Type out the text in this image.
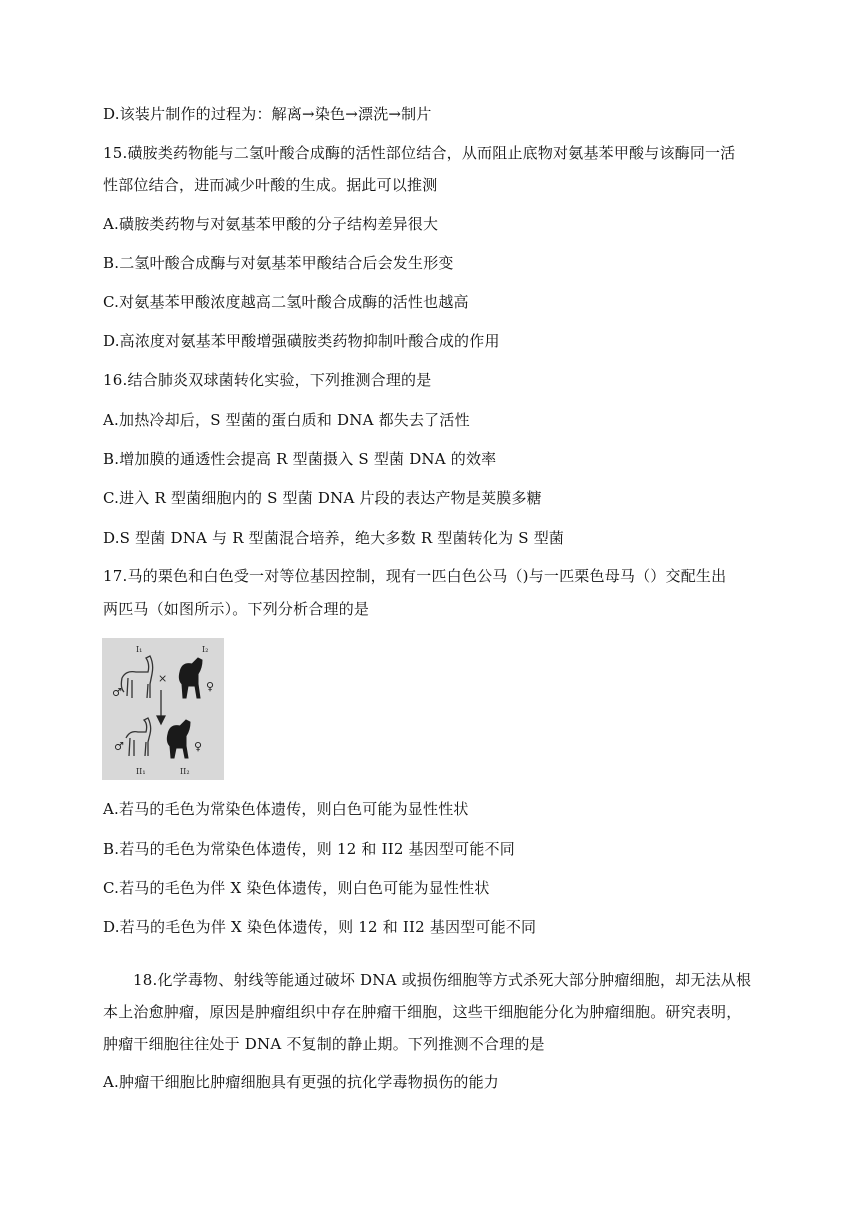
D.该装片制作的过程为：解离→染色→漂洗→制片
15.磺胺类药物能与二氢叶酸合成酶的活性部位结合，从而阻止底物对氨基苯甲酸与该酶同一活
性部位结合，进而减少叶酸的生成。据此可以推测
A.磺胺类药物与对氨基苯甲酸的分子结构差异很大
B.二氢叶酸合成酶与对氨基苯甲酸结合后会发生形变
C.对氨基苯甲酸浓度越高二氢叶酸合成酶的活性也越高
D.高浓度对氨基苯甲酸增强磺胺类药物抑制叶酸合成的作用
16.结合肺炎双球菌转化实验，下列推测合理的是
A.加热冷却后，S 型菌的蛋白质和 DNA 都失去了活性
B.增加膜的通透性会提高 R 型菌摄入 S 型菌 DNA 的效率
C.进入 R 型菌细胞内的 S 型菌 DNA 片段的表达产物是荚膜多糖
D.S 型菌 DNA 与 R 型菌混合培养，绝大多数 R 型菌转化为 S 型菌
17.马的栗色和白色受一对等位基因控制，现有一匹白色公马（)与一匹栗色母马（）交配生出
两匹马（如图所示）。下列分析合理的是
I₁	I₂
♂
×
♀
♂	♀
II₁	II₂
A.若马的毛色为常染色体遗传，则白色可能为显性性状
B.若马的毛色为常染色体遗传，则 12 和 II2 基因型可能不同
C.若马的毛色为伴 X 染色体遗传，则白色可能为显性性状
D.若马的毛色为伴 X 染色体遗传，则 12 和 II2 基因型可能不同
18.化学毒物、射线等能通过破坏 DNA 或损伤细胞等方式杀死大部分肿瘤细胞，却无法从根
本上治愈肿瘤，原因是肿瘤组织中存在肿瘤干细胞，这些干细胞能分化为肿瘤细胞。研究表明，
肿瘤干细胞往往处于 DNA 不复制的静止期。下列推测不合理的是
A.肿瘤干细胞比肿瘤细胞具有更强的抗化学毒物损伤的能力
